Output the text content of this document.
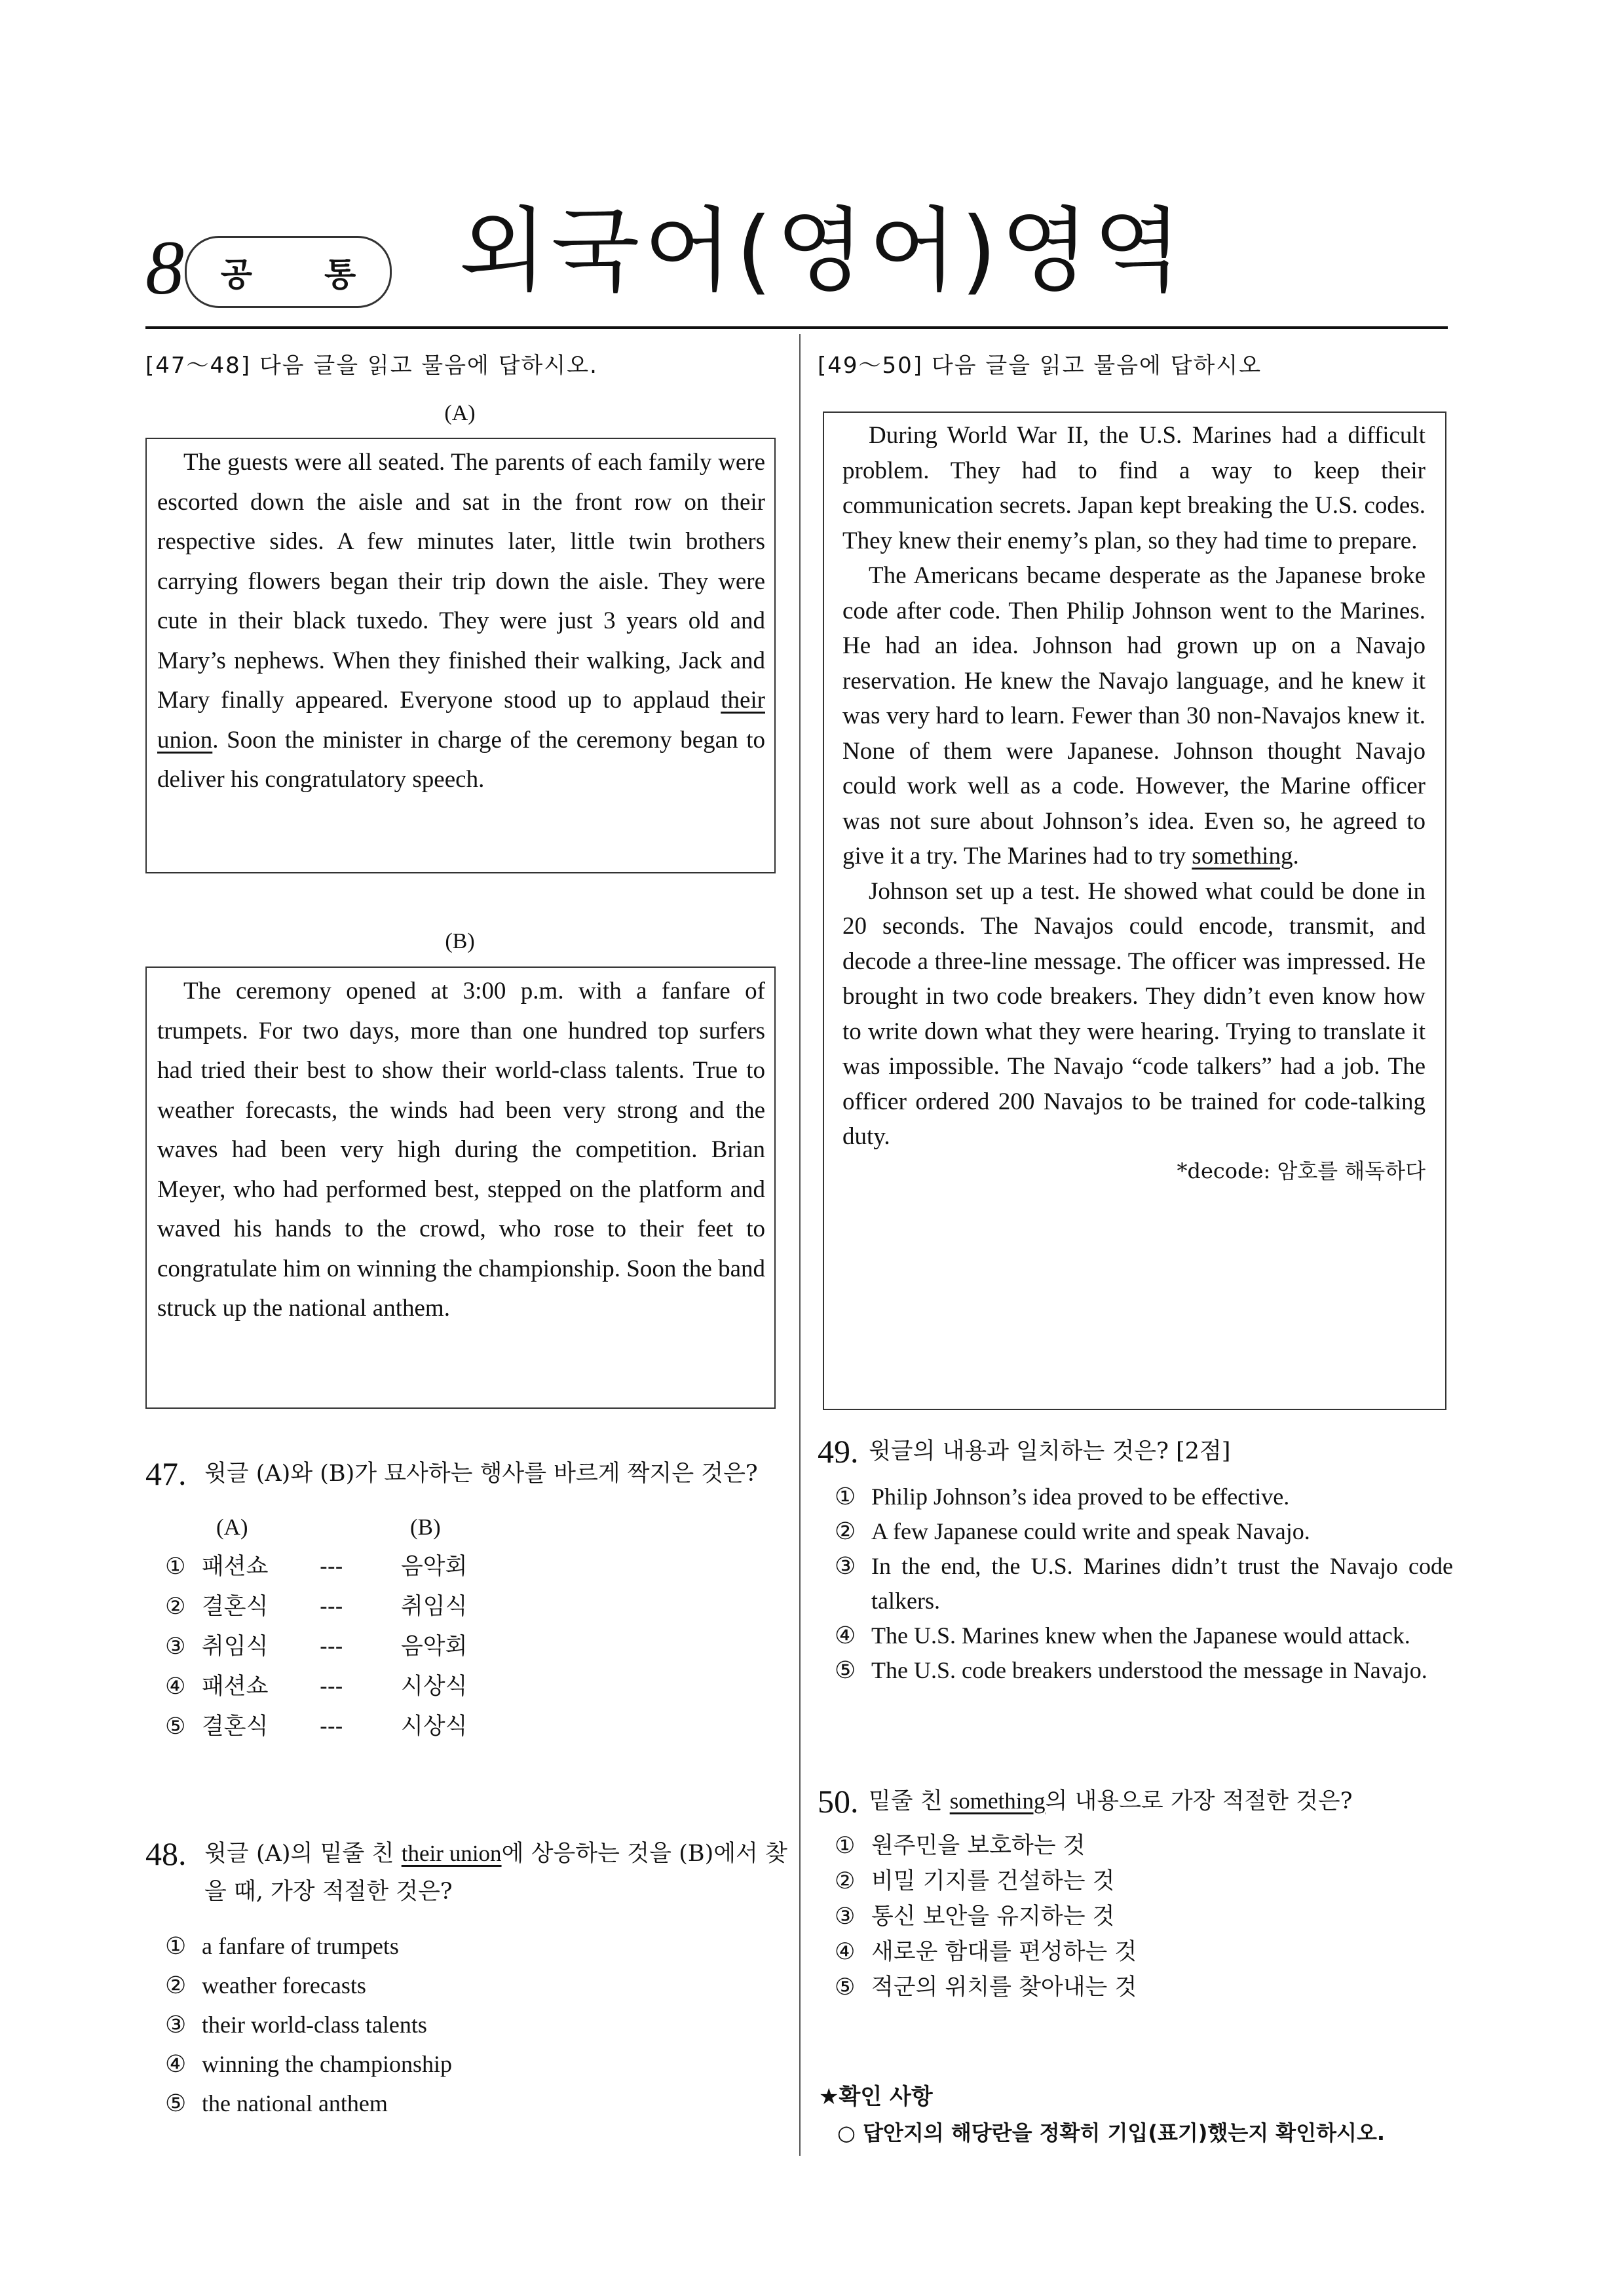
8 공 통 외국어(영어)영역
[47～48] 다음 글을 읽고 물음에 답하시오.
(A)

The guests were all seated. The parents of each family were escorted down the aisle and sat in the front row on their respective sides. A few minutes later, little twin brothers carrying flowers began their trip down the aisle. They were cute in their black tuxedo. They were just 3 years old and Mary’s nephews. When they finished their walking, Jack and Mary finally appeared. Everyone stood up to applaud their union. Soon the minister in charge of the ceremony began to deliver his congratulatory speech.

(B)

The ceremony opened at 3:00 p.m. with a fanfare of trumpets. For two days, more than one hundred top surfers had tried their best to show their world-class talents. True to weather forecasts, the winds had been very strong and the waves had been very high during the competition. Brian Meyer, who had performed best, stepped on the platform and waved his hands to the crowd, who rose to their feet to congratulate him on winning the championship. Soon the band struck up the national anthem.

47. 윗글 (A)와 (B)가 묘사하는 행사를 바르게 짝지은 것은?
(A)	(B)
① 패션쇼	---	음악회
② 결혼식	---	취임식
③ 취임식	---	음악회
④ 패션쇼	---	시상식
⑤ 결혼식	---	시상식
48. 윗글 (A)의 밑줄 친 their union에 상응하는 것을 (B)에서 찾을 때, 가장 적절한 것은?
① a fanfare of trumpets
② weather forecasts
③ their world-class talents
④ winning the championship
⑤ the national anthem
[49～50] 다음 글을 읽고 물음에 답하시오

During World War II, the U.S. Marines had a difficult problem. They had to find a way to keep their communication secrets. Japan kept breaking the U.S. codes. They knew their enemy’s plan, so they had time to prepare.

The Americans became desperate as the Japanese broke code after code. Then Philip Johnson went to the Marines. He had an idea. Johnson had grown up on a Navajo reservation. He knew the Navajo language, and he knew it was very hard to learn. Fewer than 30 non-Navajos knew it. None of them were Japanese. Johnson thought Navajo could work well as a code. However, the Marine officer was not sure about Johnson’s idea. Even so, he agreed to give it a try. The Marines had to try something.

Johnson set up a test. He showed what could be done in 20 seconds. The Navajos could encode, transmit, and decode a three-line message. The officer was impressed. He brought in two code breakers. They didn’t even know how to write down what they were hearing. Trying to translate it was impossible. The Navajo “code talkers” had a job. The officer ordered 200 Navajos to be trained for code-talking duty.

*decode: 암호를 해독하다
49. 윗글의 내용과 일치하는 것은? [2점]
① Philip Johnson’s idea proved to be effective.
② A few Japanese could write and speak Navajo.
③ In the end, the U.S. Marines didn’t trust the Navajo code talkers.
④ The U.S. Marines knew when the Japanese would attack.
⑤ The U.S. code breakers understood the message in Navajo.
50. 밑줄 친 something의 내용으로 가장 적절한 것은?
① 원주민을 보호하는 것
② 비밀 기지를 건설하는 것
③ 통신 보안을 유지하는 것
④ 새로운 함대를 편성하는 것
⑤ 적군의 위치를 찾아내는 것
★확인 사항
○ 답안지의 해당란을 정확히 기입(표기)했는지 확인하시오.
